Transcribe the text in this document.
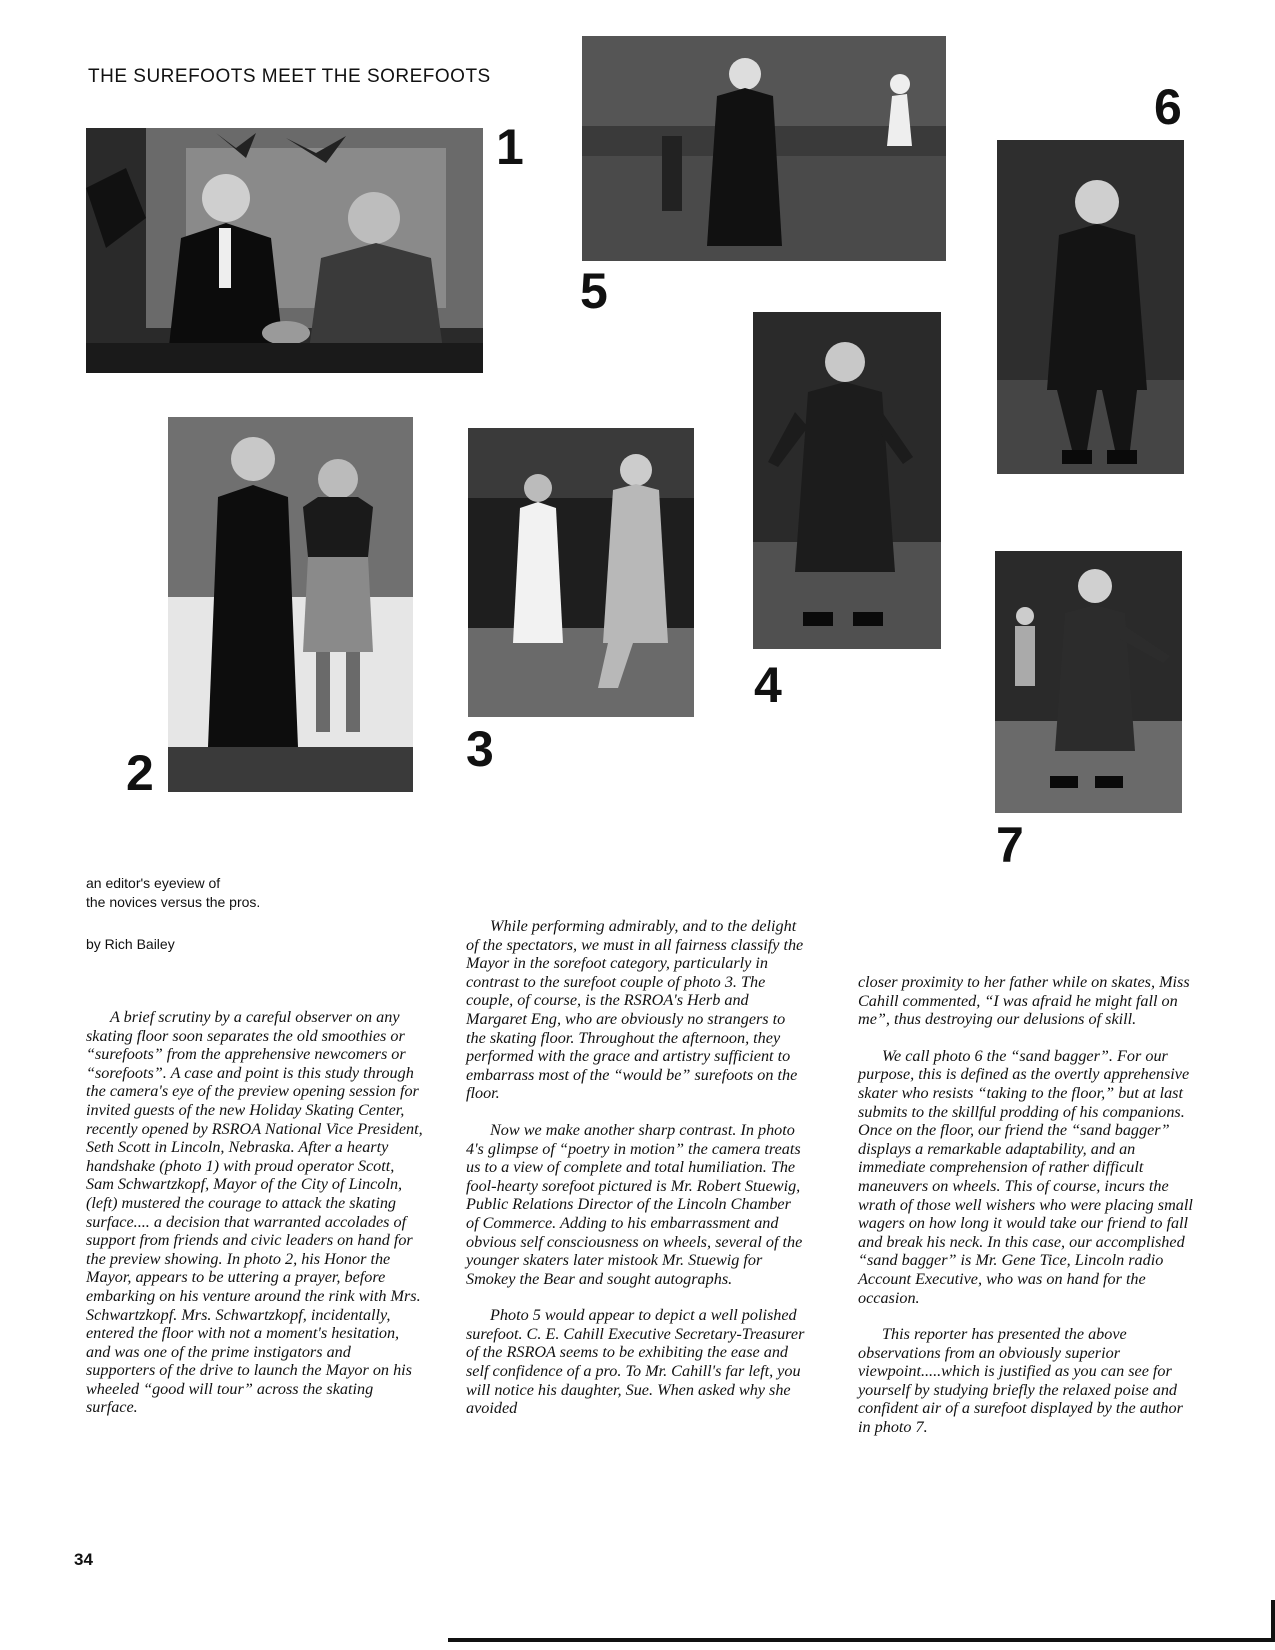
THE SUREFOOTS MEET THE SOREFOOTS
1
5
6
2	3
4
7
an editor's eyeview of
the novices versus the pros.
by Rich Bailey

A brief scrutiny by a careful observer on any skating floor soon separates the old smoothies or “surefoots” from the apprehensive newcomers or “sorefoots”. A case and point is this study through the camera's eye of the preview opening session for invited guests of the new Holiday Skating Center, recently opened by RSROA National Vice President, Seth Scott in Lincoln, Nebraska. After a hearty handshake (photo 1) with proud operator Scott, Sam Schwartzkopf, Mayor of the City of Lincoln, (left) mustered the courage to attack the skating surface.... a decision that warranted accolades of support from friends and civic leaders on hand for the preview showing. In photo 2, his Honor the Mayor, appears to be uttering a prayer, before embarking on his venture around the rink with Mrs. Schwartzkopf. Mrs. Schwartzkopf, incidentally, entered the floor with not a moment's hesitation, and was one of the prime instigators and supporters of the drive to launch the Mayor on his wheeled “good will tour” across the skating surface.

While performing admirably, and to the delight of the spectators, we must in all fairness classify the Mayor in the sorefoot category, particularly in contrast to the surefoot couple of photo 3. The couple, of course, is the RSROA's Herb and Margaret Eng, who are obviously no strangers to the skating floor. Throughout the afternoon, they performed with the grace and artistry sufficient to embarrass most of the “would be” surefoots on the floor.

Now we make another sharp contrast. In photo 4's glimpse of “poetry in motion” the camera treats us to a view of complete and total humiliation. The fool-hearty sorefoot pictured is Mr. Robert Stuewig, Public Relations Director of the Lincoln Chamber of Commerce. Adding to his embarrassment and obvious self consciousness on wheels, several of the younger skaters later mistook Mr. Stuewig for Smokey the Bear and sought autographs.

Photo 5 would appear to depict a well polished surefoot. C. E. Cahill Executive Secretary-Treasurer of the RSROA seems to be exhibiting the ease and self confidence of a pro. To Mr. Cahill's far left, you will notice his daughter, Sue. When asked why she avoided

closer proximity to her father while on skates, Miss Cahill commented, “I was afraid he might fall on me”, thus destroying our delusions of skill.

We call photo 6 the “sand bagger”. For our purpose, this is defined as the overtly apprehensive skater who resists “taking to the floor,” but at last submits to the skillful prodding of his companions. Once on the floor, our friend the “sand bagger” displays a remarkable adaptability, and an immediate comprehension of rather difficult maneuvers on wheels. This of course, incurs the wrath of those well wishers who were placing small wagers on how long it would take our friend to fall and break his neck. In this case, our accomplished “sand bagger” is Mr. Gene Tice, Lincoln radio Account Executive, who was on hand for the occasion.

This reporter has presented the above observations from an obviously superior viewpoint.....which is justified as you can see for yourself by studying briefly the relaxed poise and confident air of a surefoot displayed by the author in photo 7.

34
